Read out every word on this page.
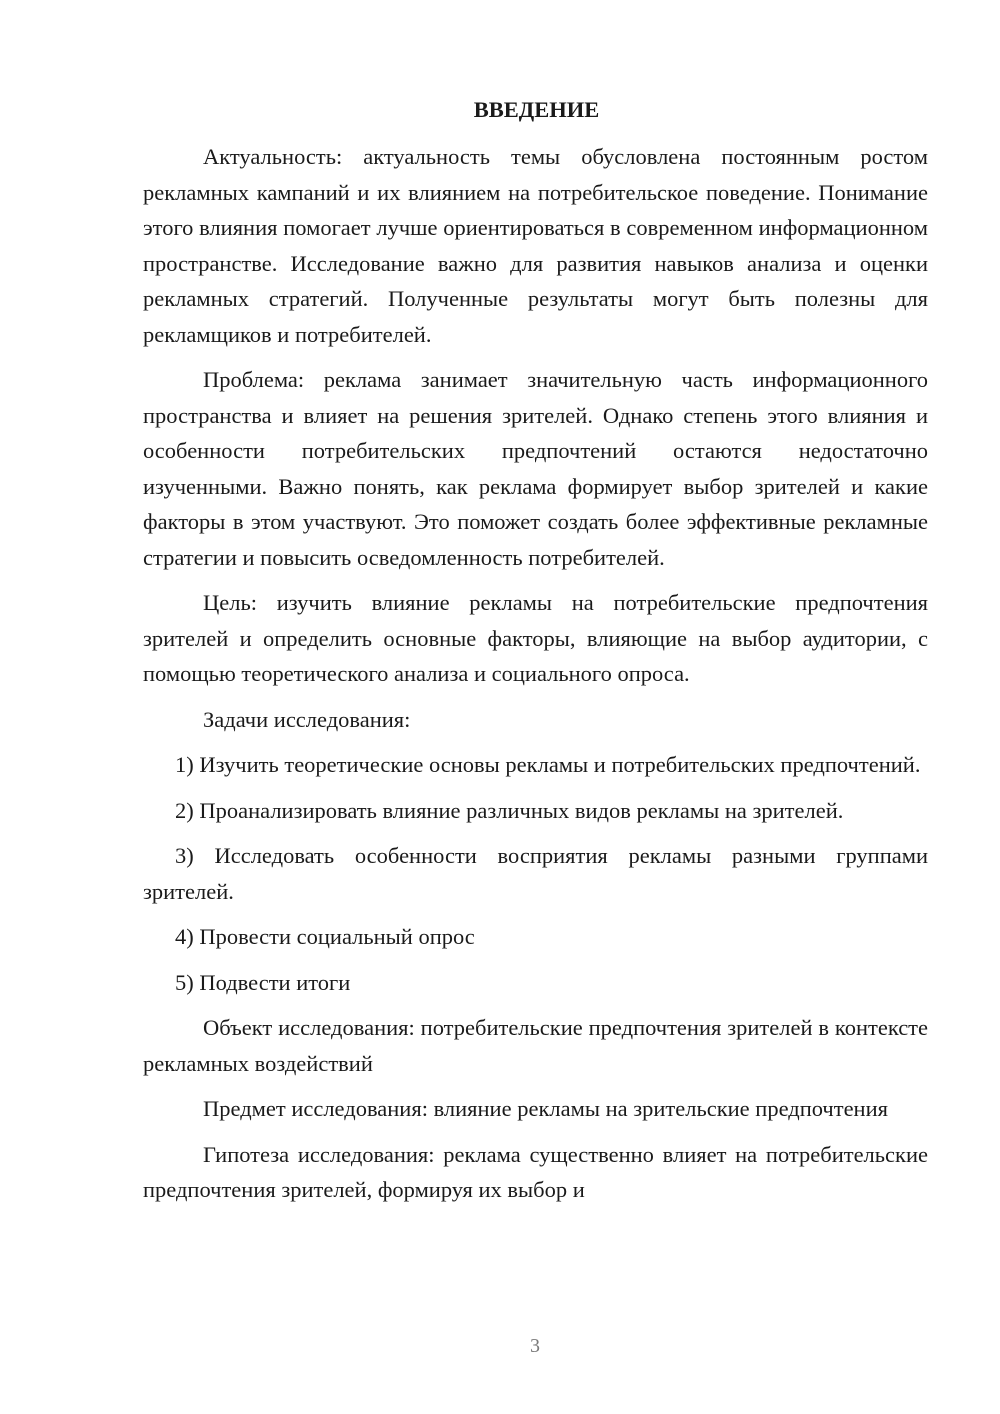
ВВЕДЕНИЕ

Актуальность: актуальность темы обусловлена постоянным ростом рекламных кампаний и их влиянием на потребительское поведение. Понимание этого влияния помогает лучше ориентироваться в современном информационном пространстве. Исследование важно для развития навыков анализа и оценки рекламных стратегий. Полученные результаты могут быть полезны для рекламщиков и потребителей.

Проблема: реклама занимает значительную часть информационного пространства и влияет на решения зрителей. Однако степень этого влияния и особенности потребительских предпочтений остаются недостаточно изученными. Важно понять, как реклама формирует выбор зрителей и какие факторы в этом участвуют. Это поможет создать более эффективные рекламные стратегии и повысить осведомленность потребителей.

Цель: изучить влияние рекламы на потребительские предпочтения зрителей и определить основные факторы, влияющие на выбор аудитории, с помощью теоретического анализа и социального опроса.

Задачи исследования:

1) Изучить теоретические основы рекламы и потребительских предпочтений.

2) Проанализировать влияние различных видов рекламы на зрителей.

3) Исследовать особенности восприятия рекламы разными группами зрителей.

4) Провести социальный опрос

5) Подвести итоги

Объект исследования: потребительские предпочтения зрителей в контексте рекламных воздействий

Предмет исследования: влияние рекламы на зрительские предпочтения

Гипотеза исследования: реклама существенно влияет на потребительские предпочтения зрителей, формируя их выбор и

3
